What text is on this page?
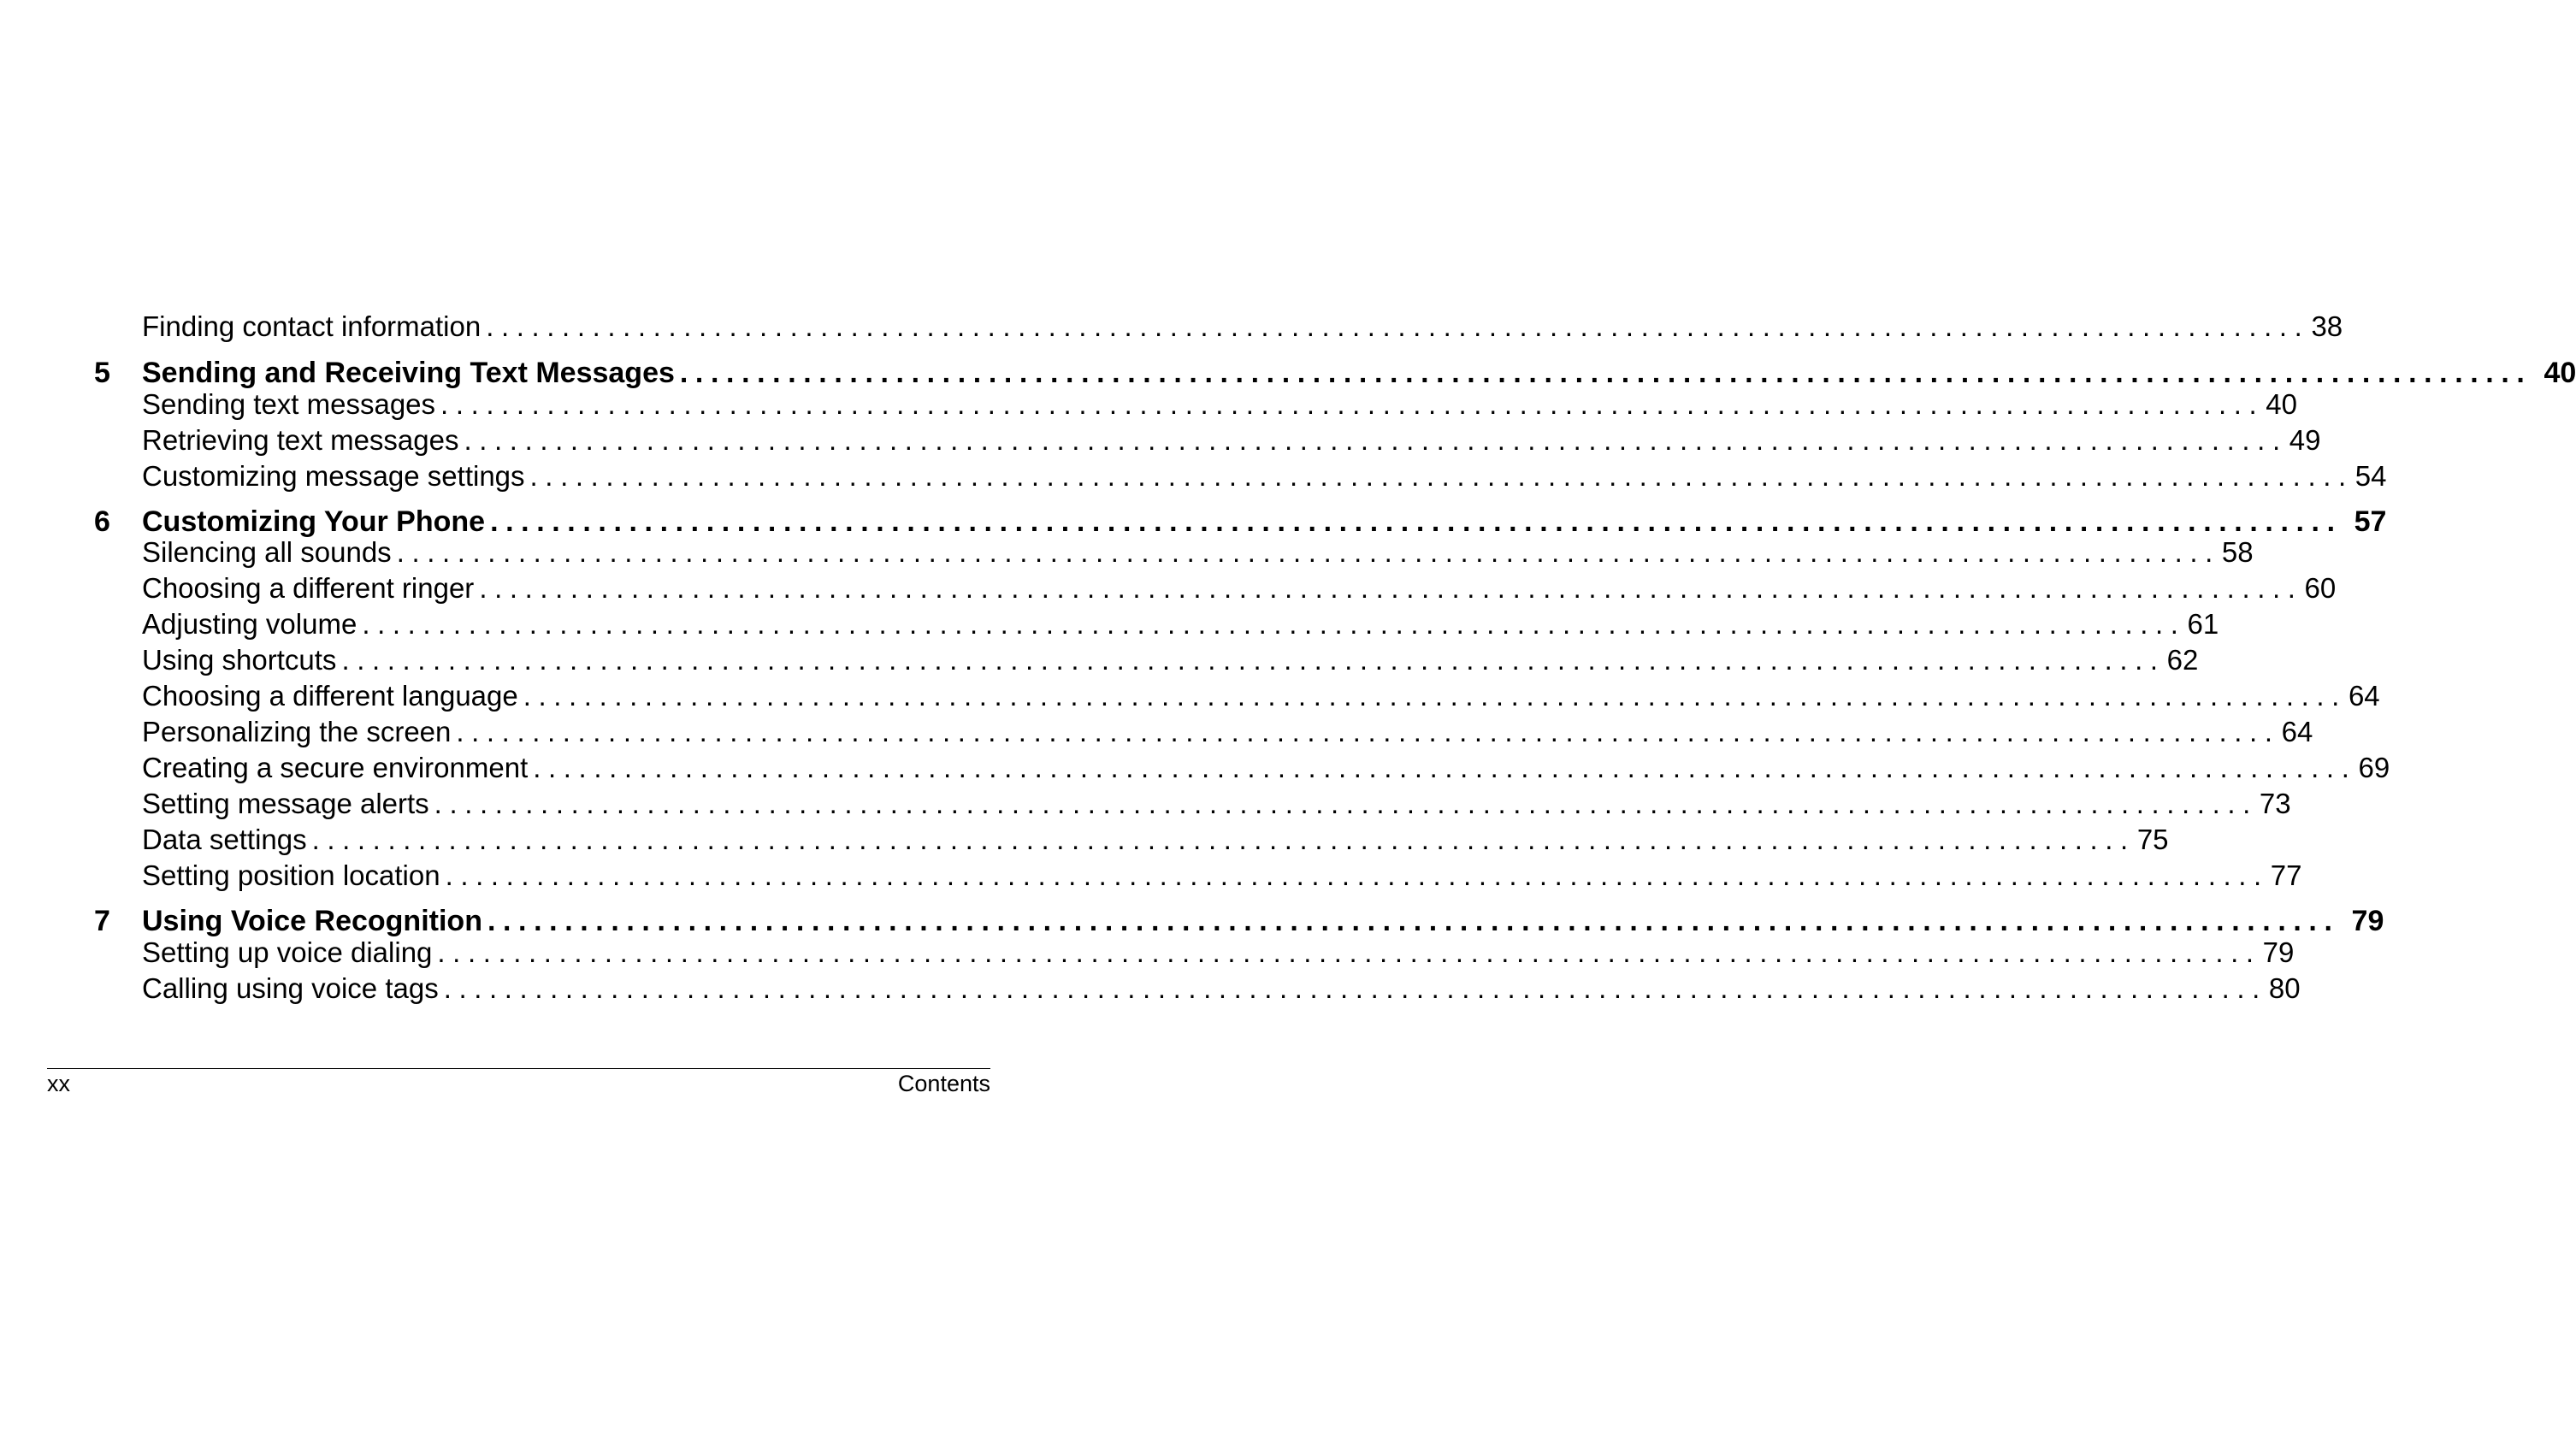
Finding contact information ........................................................................................................................ 38
5 Sending and Receiving Text Messages ........................................................................................................................ 40
Sending text messages ........................................................................................................................ 40
Retrieving text messages ........................................................................................................................ 49
Customizing message settings ........................................................................................................................ 54
6 Customizing Your Phone ........................................................................................................................ 57
Silencing all sounds ........................................................................................................................ 58
Choosing a different ringer ........................................................................................................................ 60
Adjusting volume ........................................................................................................................ 61
Using shortcuts ........................................................................................................................ 62
Choosing a different language ........................................................................................................................ 64
Personalizing the screen ........................................................................................................................ 64
Creating a secure environment ........................................................................................................................ 69
Setting message alerts ........................................................................................................................ 73
Data settings ........................................................................................................................ 75
Setting position location ........................................................................................................................ 77
7 Using Voice Recognition ........................................................................................................................ 79
Setting up voice dialing ........................................................................................................................ 79
Calling using voice tags ........................................................................................................................ 80
xx	Contents
